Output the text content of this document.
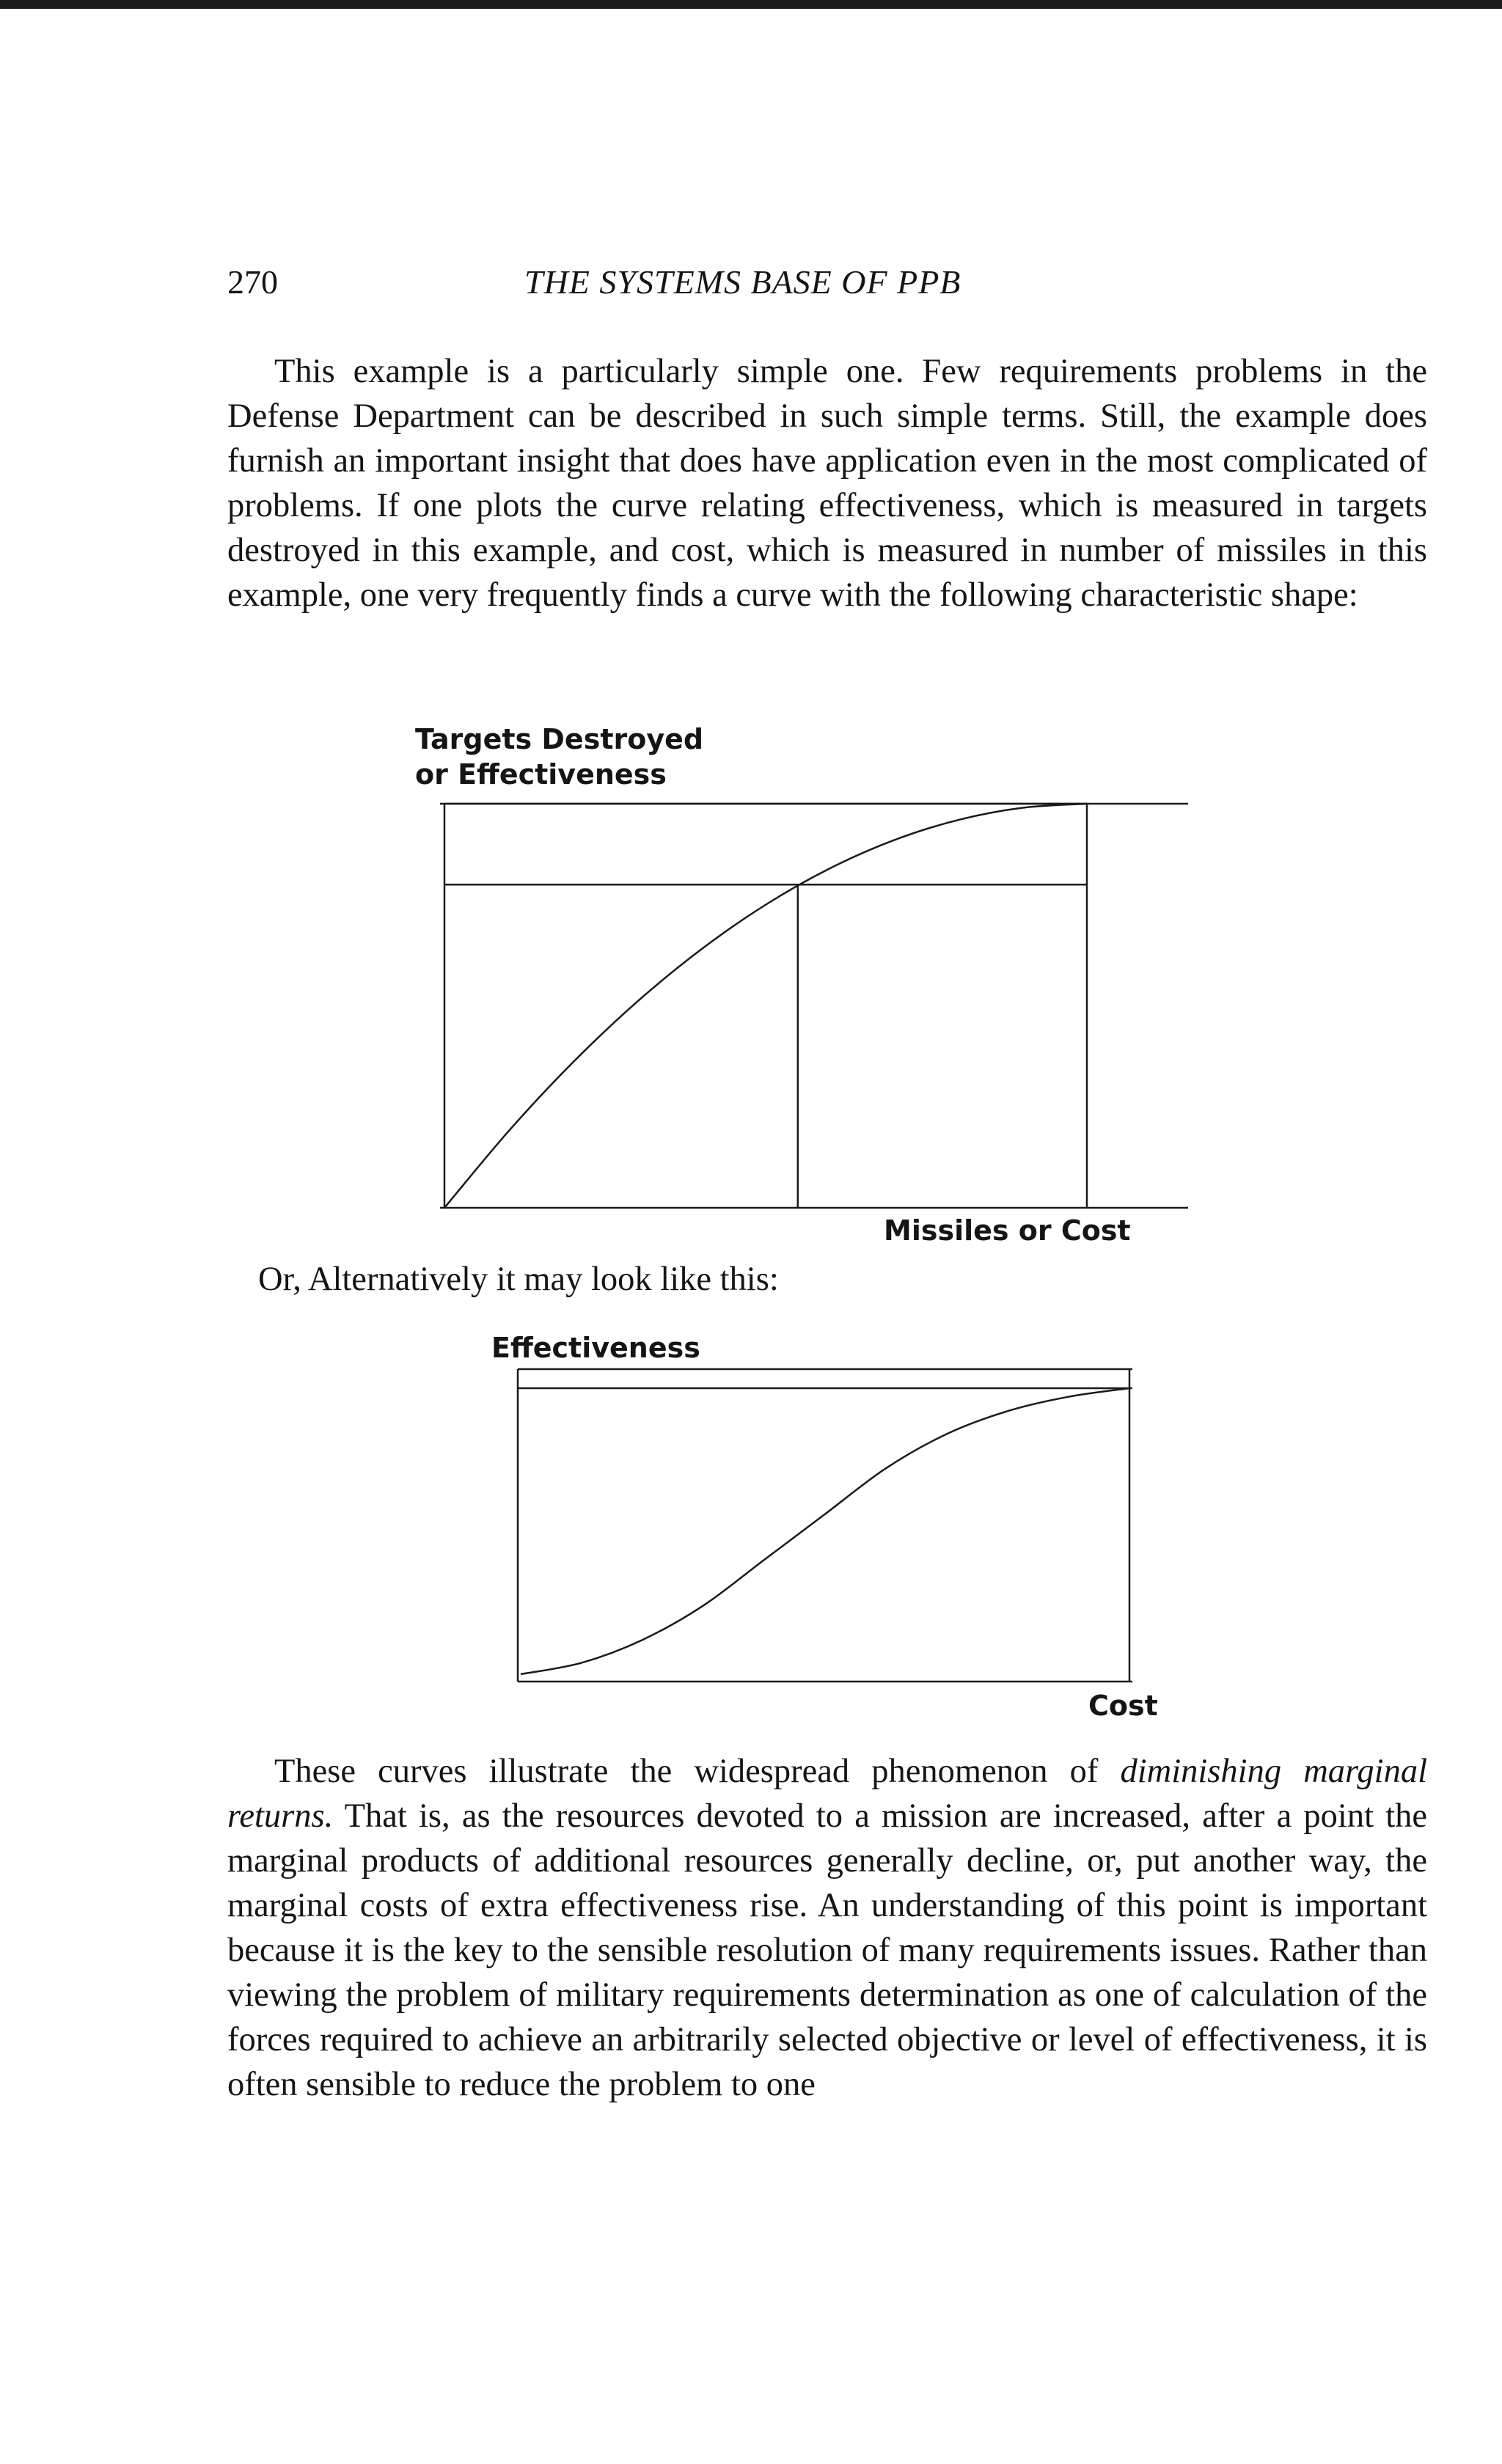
270	THE SYSTEMS BASE OF PPB

This example is a particularly simple one. Few requirements problems in the Defense Department can be described in such simple terms. Still, the example does furnish an important insight that does have application even in the most complicated of problems. If one plots the curve relating effectiveness, which is measured in targets destroyed in this example, and cost, which is measured in number of missiles in this example, one very frequently finds a curve with the following characteristic shape:

Targets Destroyed
or Effectiveness
Missiles or Cost

Or, Alternatively it may look like this:

Effectiveness
Cost

These curves illustrate the widespread phenomenon of diminishing marginal returns. That is, as the resources devoted to a mission are increased, after a point the marginal products of additional resources generally decline, or, put another way, the marginal costs of extra effectiveness rise. An understanding of this point is important because it is the key to the sensible resolution of many requirements issues. Rather than viewing the problem of military requirements determination as one of calculation of the forces required to achieve an arbitrarily selected objective or level of effectiveness, it is often sensible to reduce the problem to one
